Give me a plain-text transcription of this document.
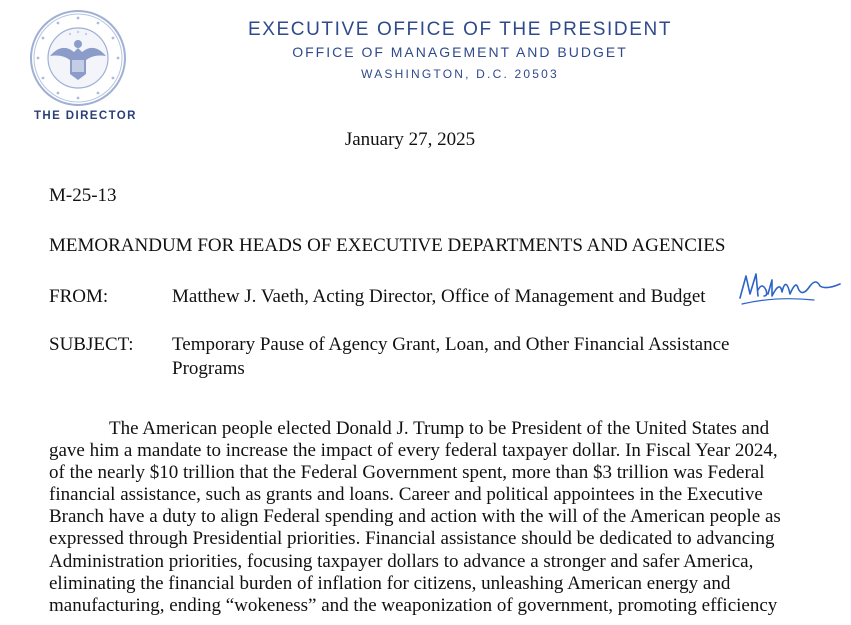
THE DIRECTOR
EXECUTIVE OFFICE OF THE PRESIDENT
OFFICE OF MANAGEMENT AND BUDGET
WASHINGTON, D.C. 20503
January 27, 2025
M-25-13
MEMORANDUM FOR HEADS OF EXECUTIVE DEPARTMENTS AND AGENCIES
FROM:	Matthew J. Vaeth, Acting Director, Office of Management and Budget
SUBJECT: Temporary Pause of Agency Grant, Loan, and Other Financial Assistance
Programs
The American people elected Donald J. Trump to be President of the United States and
gave him a mandate to increase the impact of every federal taxpayer dollar. In Fiscal Year 2024,
of the nearly $10 trillion that the Federal Government spent, more than $3 trillion was Federal
financial assistance, such as grants and loans. Career and political appointees in the Executive
Branch have a duty to align Federal spending and action with the will of the American people as
expressed through Presidential priorities. Financial assistance should be dedicated to advancing
Administration priorities, focusing taxpayer dollars to advance a stronger and safer America,
eliminating the financial burden of inflation for citizens, unleashing American energy and
manufacturing, ending “wokeness” and the weaponization of government, promoting efficiency
